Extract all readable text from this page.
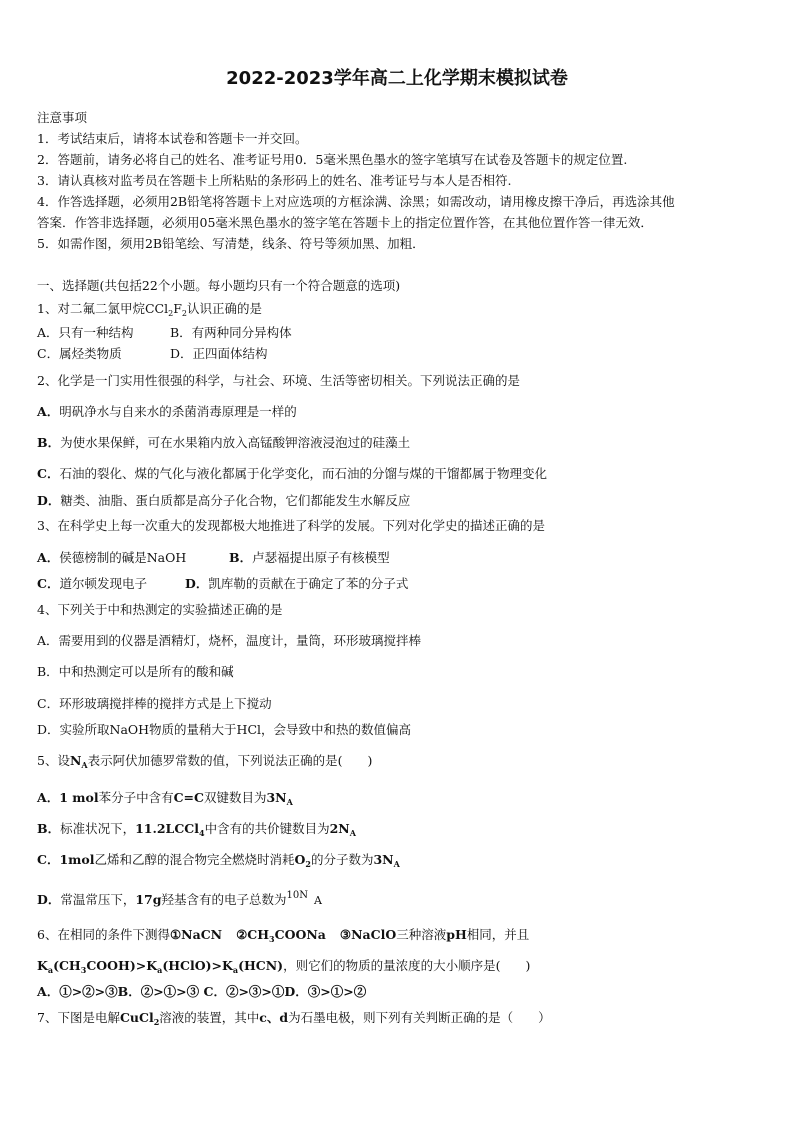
2022-2023学年高二上化学期末模拟试卷
注意事项
1．考试结束后，请将本试卷和答题卡一并交回。
2．答题前，请务必将自己的姓名、准考证号用0．5毫米黑色墨水的签字笔填写在试卷及答题卡的规定位置.
3．请认真核对监考员在答题卡上所粘贴的条形码上的姓名、准考证号与本人是否相符.
4．作答选择题，必须用2B铅笔将答题卡上对应选项的方框涂满、涂黑；如需改动，请用橡皮擦干净后，再选涂其他
答案．作答非选择题，必须用05毫米黑色墨水的签字笔在答题卡上的指定位置作答，在其他位置作答一律无效．
5．如需作图，须用2B铅笔绘、写清楚，线条、符号等须加黑、加粗．
一、选择题(共包括22个小题。每小题均只有一个符合题意的选项)
1、对二氟二氯甲烷$CCl_2F_2$认识正确的是
A．只有一种结构	B．有两种同分异构体
C．属烃类物质	D．正四面体结构
2、化学是一门实用性很强的科学，与社会、环境、生活等密切相关。下列说法正确的是
A．明矾净水与自来水的杀菌消毒原理是一样的
B．为使水果保鲜，可在水果箱内放入高锰酸钾溶液浸泡过的硅藻土
C．石油的裂化、煤的气化与液化都属于化学变化，而石油的分馏与煤的干馏都属于物理变化
D．糖类、油脂、蛋白质都是高分子化合物，它们都能发生水解反应
3、在科学史上每一次重大的发现都极大地推进了科学的发展。下列对化学史的描述正确的是
A．侯德榜制的碱是NaOH	B．卢瑟福提出原子有核模型
C．道尔顿发现电子	D．凯库勒的贡献在于确定了苯的分子式
4、下列关于中和热测定的实验描述正确的是
A．需要用到的仪器是酒精灯，烧杯，温度计，量筒，环形玻璃搅拌棒
B．中和热测定可以是所有的酸和碱
C．环形玻璃搅拌棒的搅拌方式是上下搅动
D．实验所取NaOH物质的量稍大于HCl，会导致中和热的数值偏高
5、设$N_A$表示阿伏加德罗常数的值，下列说法正确的是(　　)
A．1 mol苯分子中含有C=C双键数目为$3N_A$
B．标准状况下，11.2LCCl$_4$中含有的共价键数目为$2N_A$
C．1mol乙烯和乙醇的混合物完全燃烧时消耗$O_2$的分子数为$3N_A$
D．常温常压下，17g羟基含有的电子总数为$^{10N}$ A
6、在相同的条件下测得①NaCN $②CH_3COONa$ ③NaClO三种溶液pH相同，并且
$K_a(CH_3COOH)>K_a(HClO)>K_a(HCN)$，则它们的物质的量浓度的大小顺序是(　　)
A．①>②>③B．②>①>③ C．②>③>①D．③>①>②
7、下图是电解CuCl$_2$溶液的装置，其中c、d为石墨电极，则下列有关判断正确的是（　　）
